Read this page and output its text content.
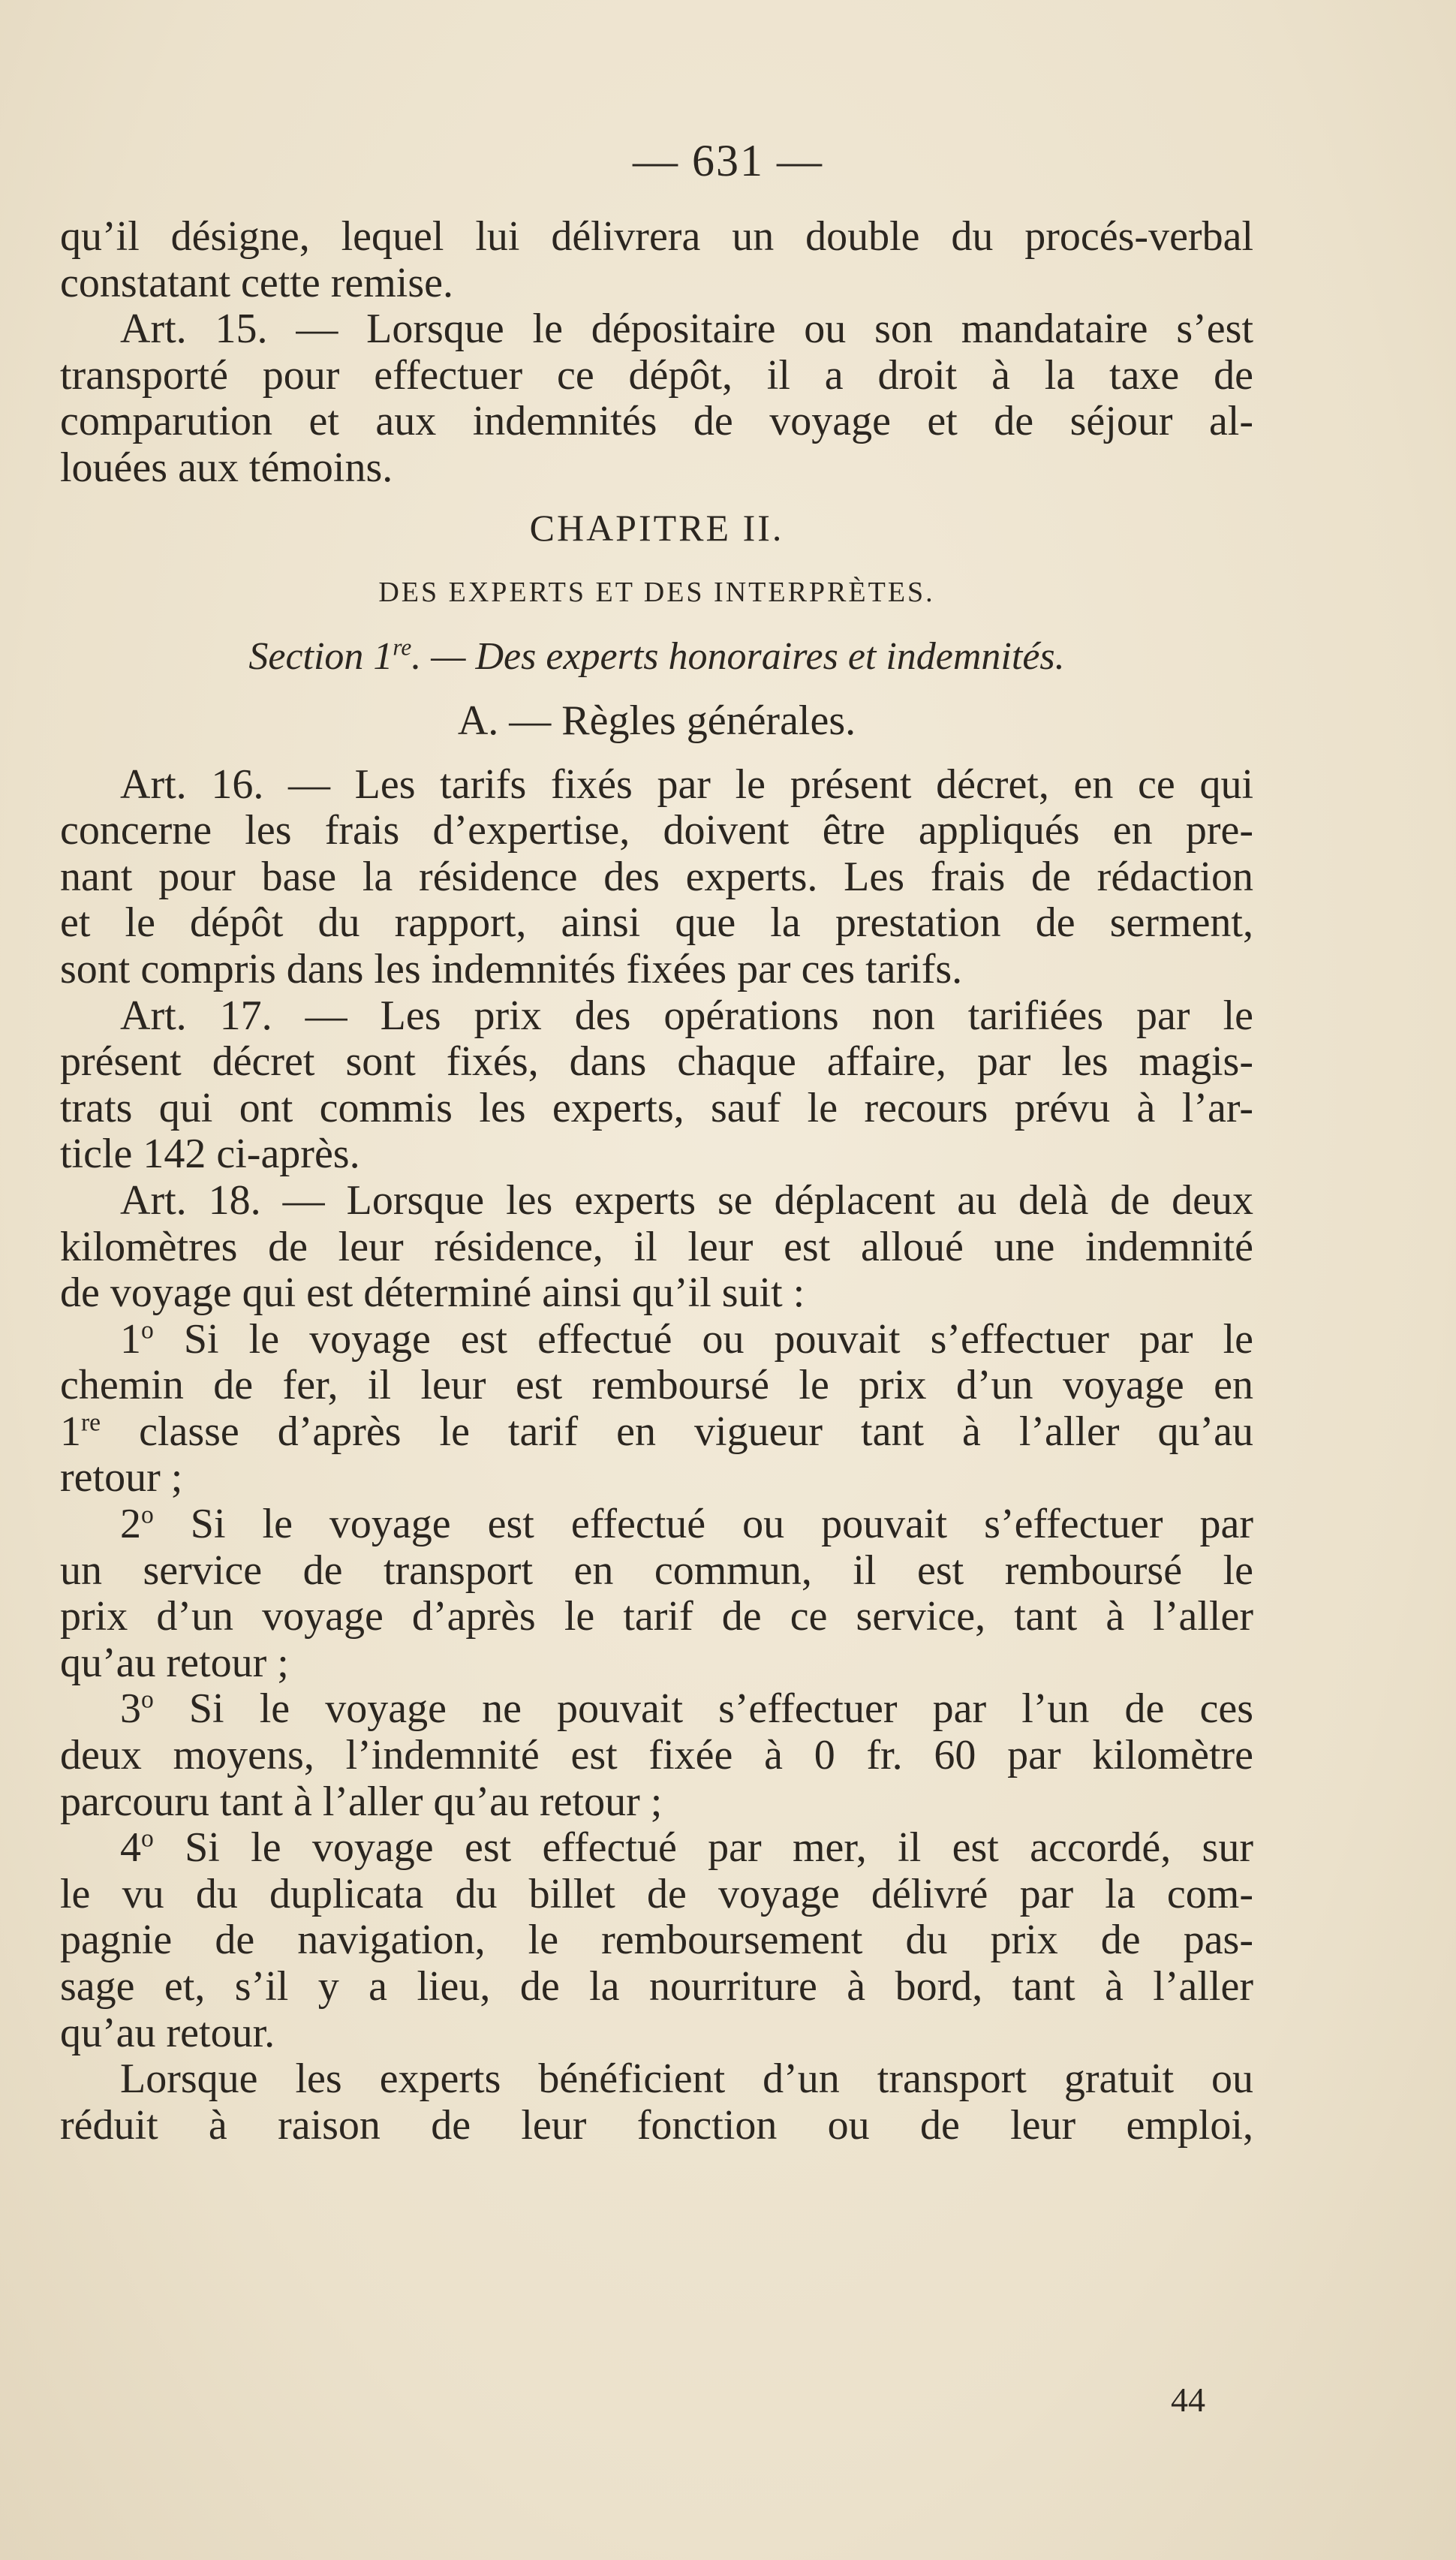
— 631 —
qu’il désigne, lequel lui délivrera un double du procés-verbal
constatant cette remise.
Art. 15. — Lorsque le dépositaire ou son mandataire s’est
transporté pour effectuer ce dépôt, il a droit à la taxe de
comparution et aux indemnités de voyage et de séjour al-
louées aux témoins.
CHAPITRE II.
DES EXPERTS ET DES INTERPRÈTES.
Section 1re. — Des experts honoraires et indemnités.
A. — Règles générales.
Art. 16. — Les tarifs fixés par le présent décret, en ce qui
concerne les frais d’expertise, doivent être appliqués en pre-
nant pour base la résidence des experts. Les frais de rédaction
et le dépôt du rapport, ainsi que la prestation de serment,
sont compris dans les indemnités fixées par ces tarifs.
Art. 17. — Les prix des opérations non tarifiées par le
présent décret sont fixés, dans chaque affaire, par les magis-
trats qui ont commis les experts, sauf le recours prévu à l’ar-
ticle 142 ci-après.
Art. 18. — Lorsque les experts se déplacent au delà de deux
kilomètres de leur résidence, il leur est alloué une indemnité
de voyage qui est déterminé ainsi qu’il suit :
1$^o$ Si le voyage est effectué ou pouvait s’effectuer par le
chemin de fer, il leur est remboursé le prix d’un voyage en
1re classe d’après le tarif en vigueur tant à l’aller qu’au
retour ;
2$^o$ Si le voyage est effectué ou pouvait s’effectuer par
un service de transport en commun, il est remboursé le
prix d’un voyage d’après le tarif de ce service, tant à l’aller
qu’au retour ;
3$^o$ Si le voyage ne pouvait s’effectuer par l’un de ces
deux moyens, l’indemnité est fixée à 0 fr. 60 par kilomètre
parcouru tant à l’aller qu’au retour ;
4$^o$ Si le voyage est effectué par mer, il est accordé, sur
le vu du duplicata du billet de voyage délivré par la com-
pagnie de navigation, le remboursement du prix de pas-
sage et, s’il y a lieu, de la nourriture à bord, tant à l’aller
qu’au retour.
Lorsque les experts bénéficient d’un transport gratuit ou
réduit à raison de leur fonction ou de leur emploi,
44
